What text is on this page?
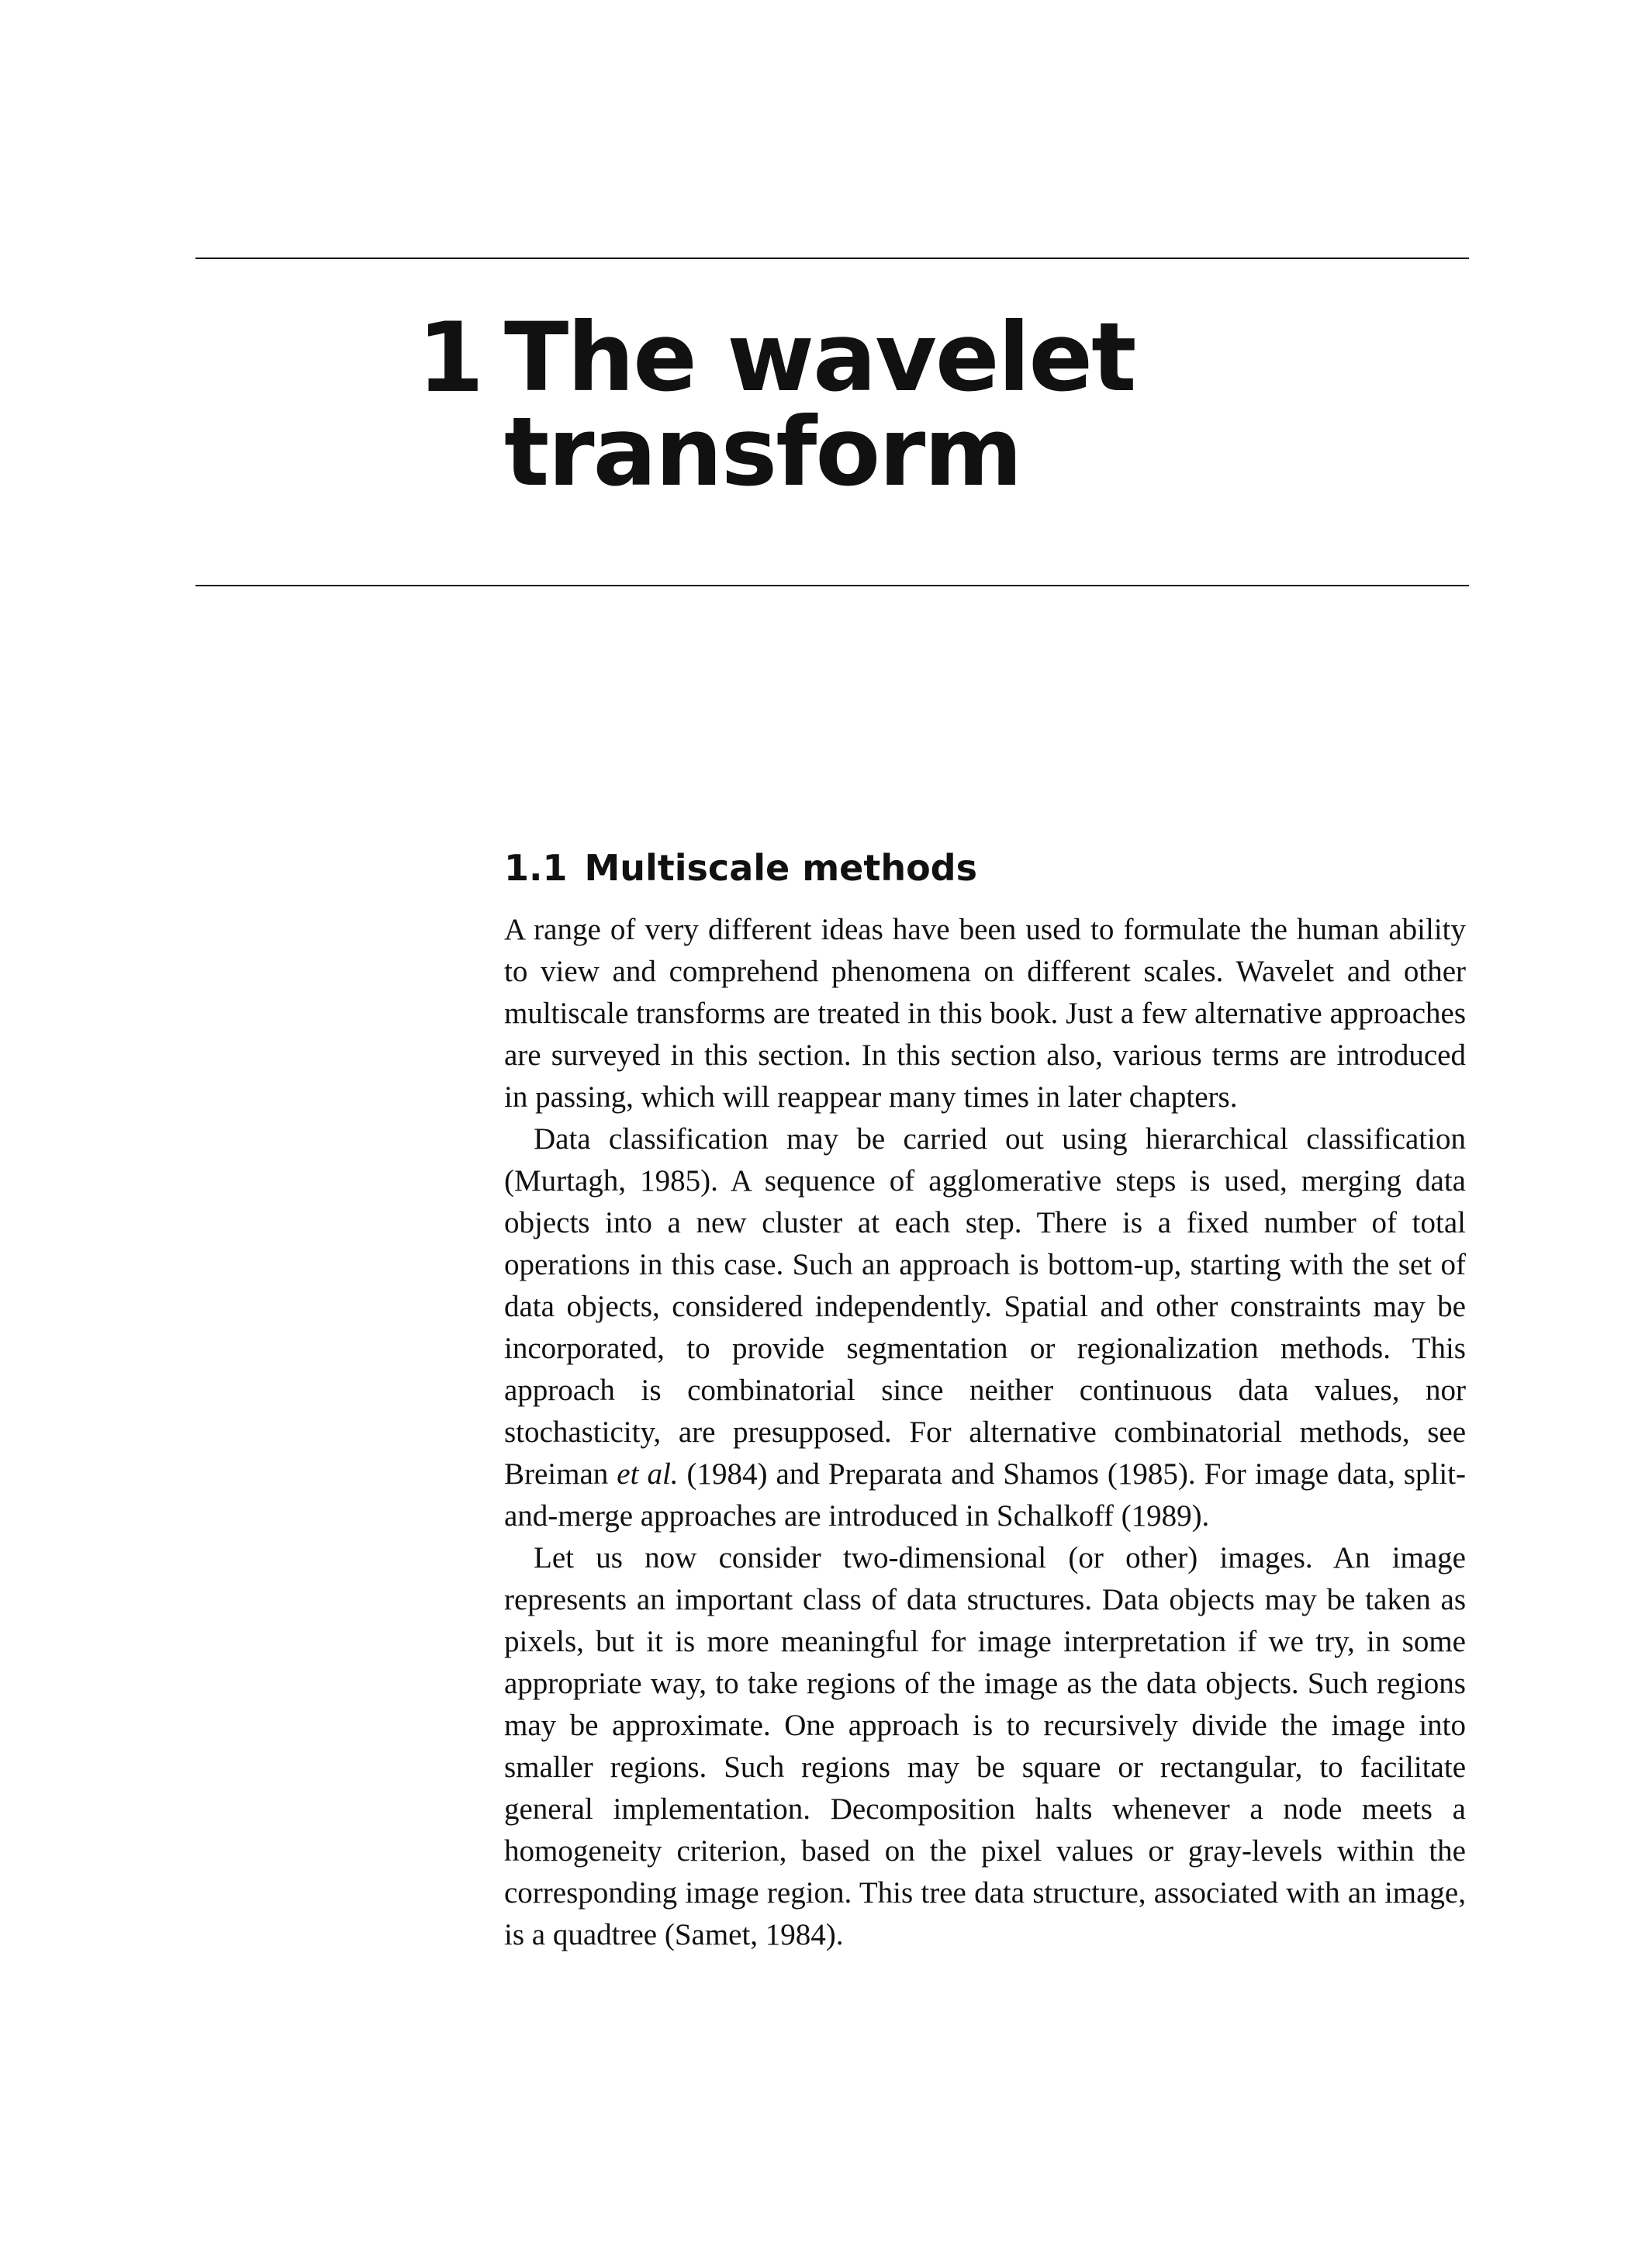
1 The wavelet
transform
1.1 Multiscale methods

A range of very different ideas have been used to formulate the human ability to view and comprehend phenomena on different scales. Wavelet and other multiscale transforms are treated in this book. Just a few alternative approaches are surveyed in this section. In this section also, various terms are introduced in passing, which will reappear many times in later chapters.

Data classification may be carried out using hierarchical classification (Murtagh, 1985). A sequence of agglomerative steps is used, merging data objects into a new cluster at each step. There is a fixed number of total operations in this case. Such an approach is bottom-up, starting with the set of data objects, considered independently. Spatial and other constraints may be incorporated, to provide segmentation or regionalization methods. This approach is combinatorial since neither continuous data values, nor stochasticity, are presupposed. For alternative combinatorial methods, see Breiman et al. (1984) and Preparata and Shamos (1985). For image data, split-and-merge approaches are introduced in Schalkoff (1989).

Let us now consider two-dimensional (or other) images. An image represents an important class of data structures. Data objects may be taken as pixels, but it is more meaningful for image interpretation if we try, in some appropriate way, to take regions of the image as the data objects. Such regions may be approximate. One approach is to recursively divide the image into smaller regions. Such regions may be square or rectangular, to facilitate general implementation. Decomposition halts whenever a node meets a homogeneity criterion, based on the pixel values or gray-levels within the corresponding image region. This tree data structure, associated with an image, is a quadtree (Samet, 1984).
